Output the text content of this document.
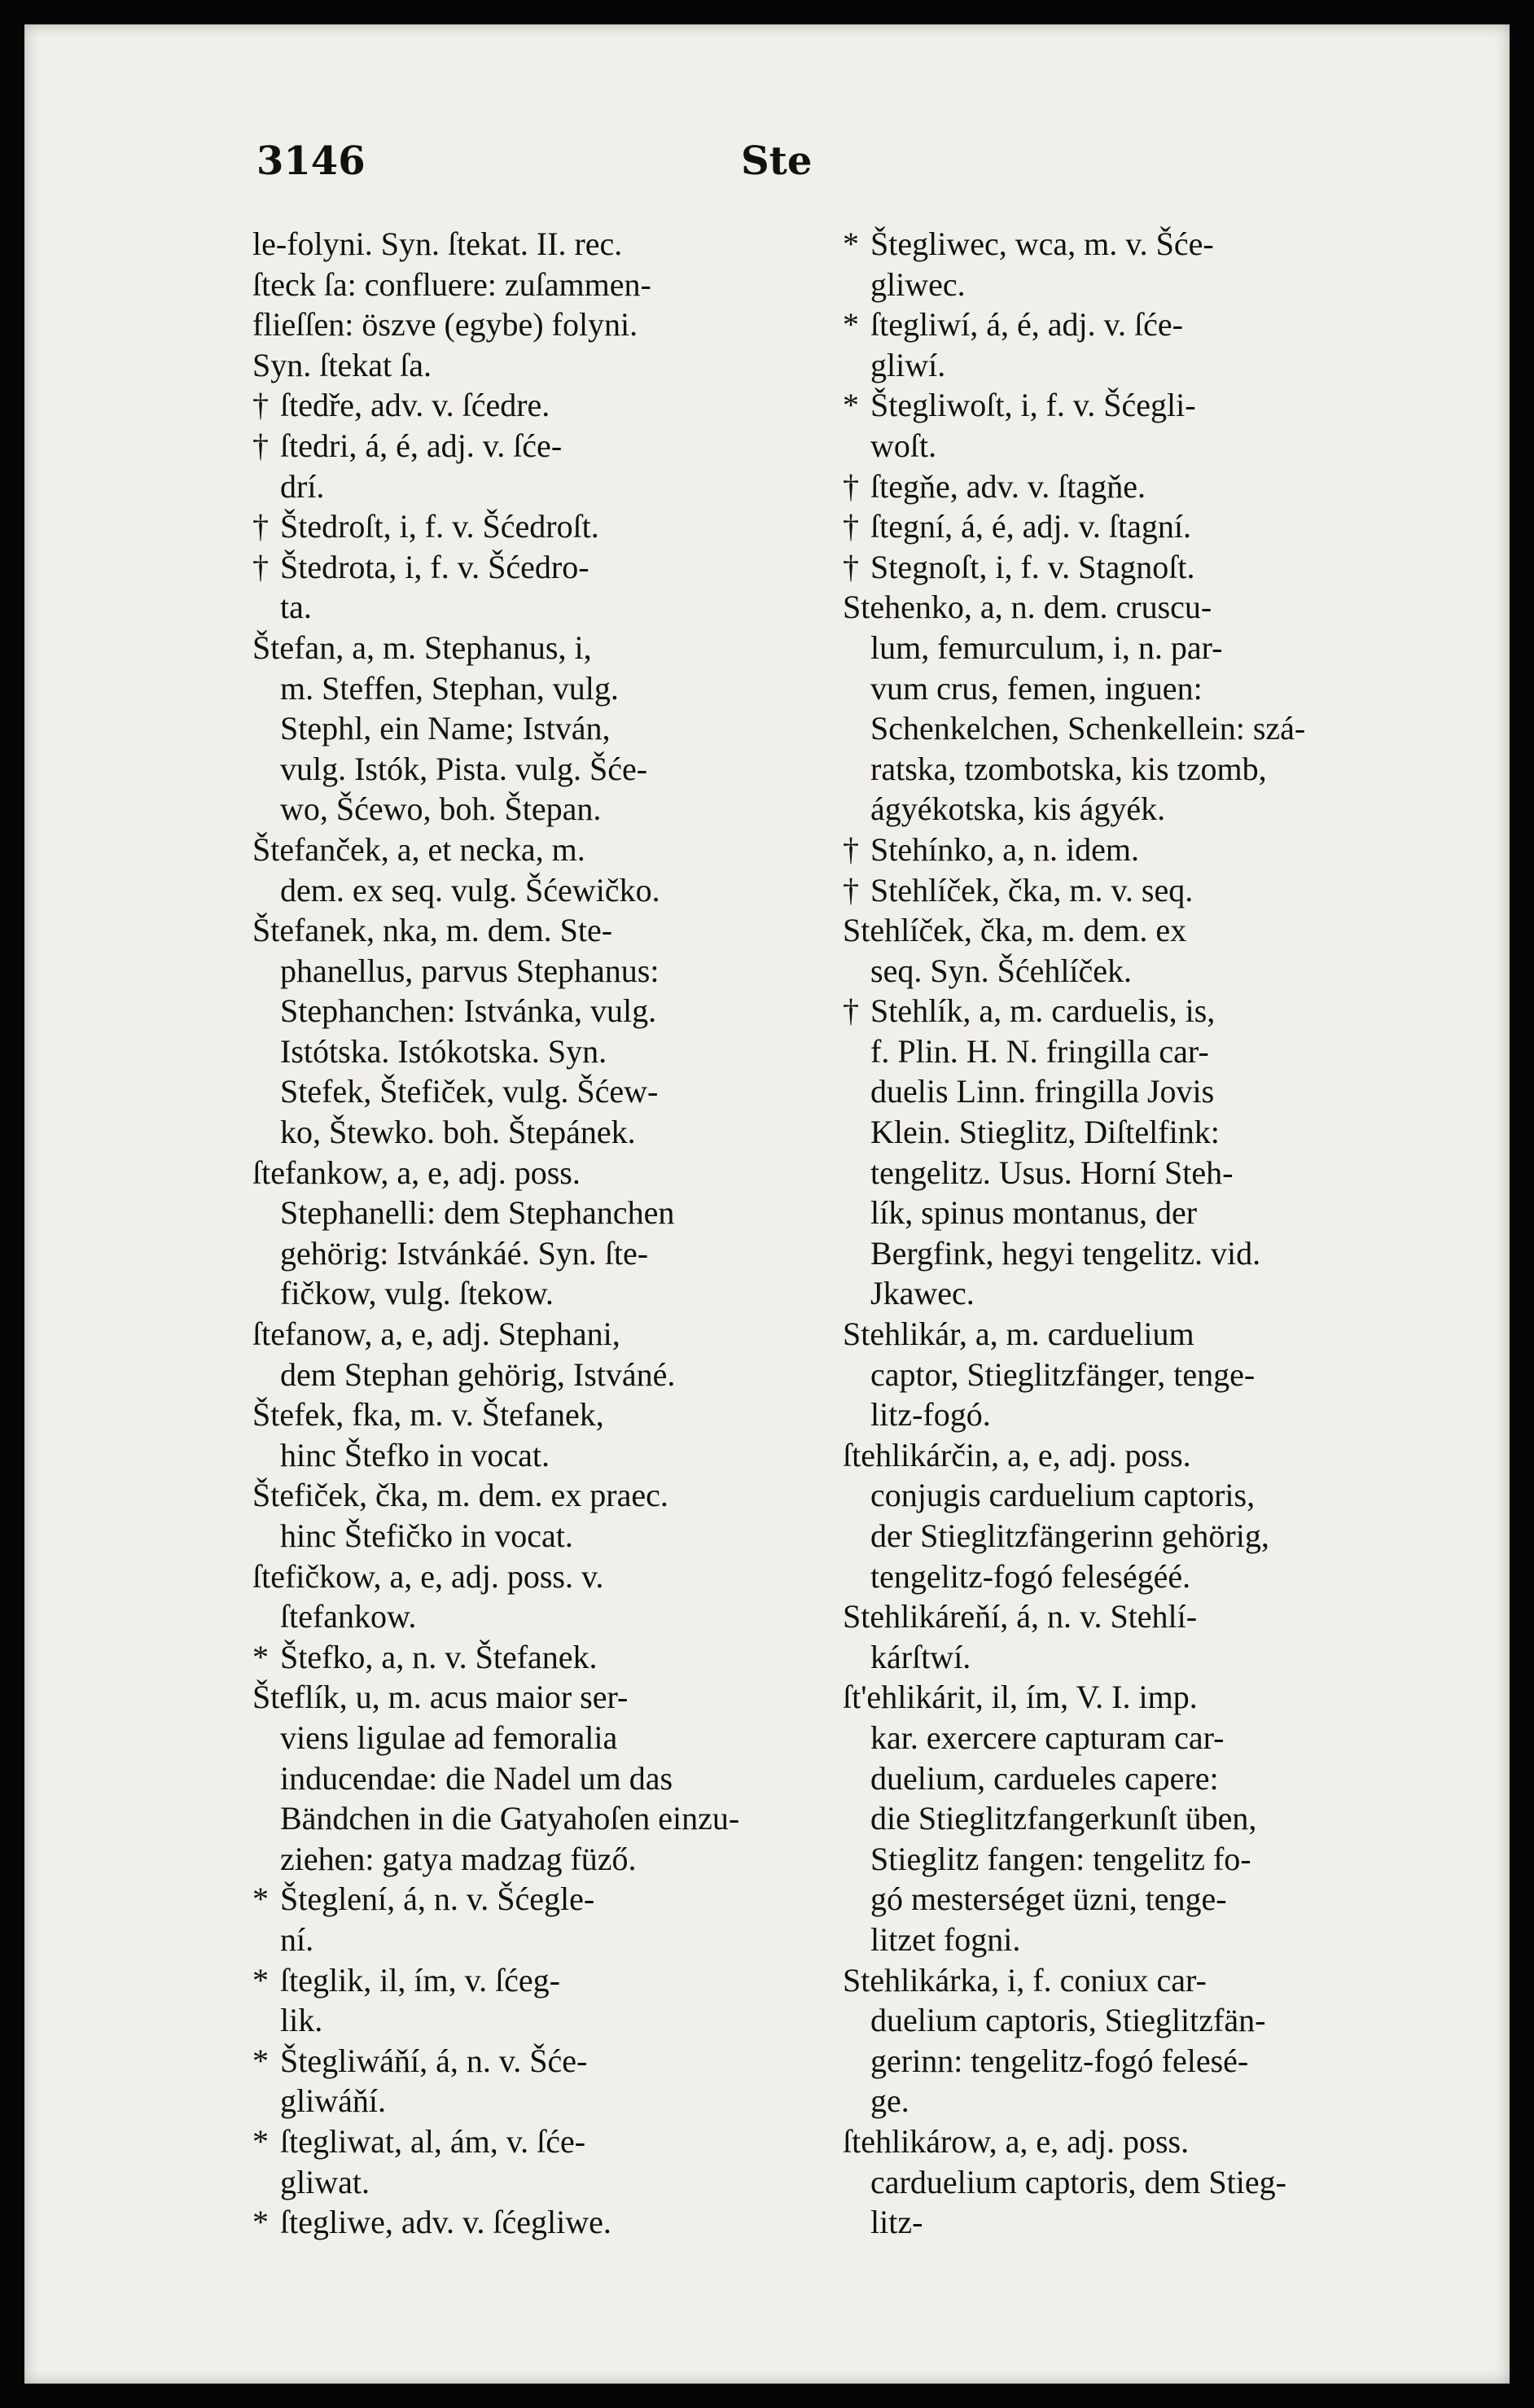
3146	Ste
le-folyni. Syn. ſtekat. II. rec.
ſteck ſa: confluere: zuſammen-
flieſſen: öszve (egybe) folyni.
Syn. ſtekat ſa.
† ſtedře, adv. v. ſćedre.
† ſtedri, á, é, adj. v. ſće-
drí.
† Štedroſt, i, f. v. Šćedroſt.
† Štedrota, i, f. v. Šćedro-
ta.
Štefan, a, m. Stephanus, i,
m. Steffen, Stephan, vulg.
Stephl, ein Name; István,
vulg. Istók, Pista. vulg. Šće-
wo, Šćewo, boh. Štepan.
Štefanček, a, et necka, m.
dem. ex seq. vulg. Šćewičko.
Štefanek, nka, m. dem. Ste-
phanellus, parvus Stephanus:
Stephanchen: Istvánka, vulg.
Istótska. Istókotska. Syn.
Stefek, Štefiček, vulg. Šćew-
ko, Štewko. boh. Štepánek.
ſtefankow, a, e, adj. poss.
Stephanelli: dem Stephanchen
gehörig: Istvánkáé. Syn. ſte-
fičkow, vulg. ſtekow.
ſtefanow, a, e, adj. Stephani,
dem Stephan gehörig, Istváné.
Štefek, fka, m. v. Štefanek,
hinc Štefko in vocat.
Štefiček, čka, m. dem. ex praec.
hinc Štefičko in vocat.
ſtefičkow, a, e, adj. poss. v.
ſtefankow.
* Štefko, a, n. v. Štefanek.
Šteflík, u, m. acus maior ser-
viens ligulae ad femoralia
inducendae: die Nadel um das
Bändchen in die Gatyahoſen einzu-
ziehen: gatya madzag füző.
* Šteglení, á, n. v. Šćegle-
ní.
* ſteglik, il, ím, v. ſćeg-
lik.
* Štegliwáňí, á, n. v. Šće-
gliwáňí.
* ſtegliwat, al, ám, v. ſće-
gliwat.
* ſtegliwe, adv. v. ſćegliwe.
* Štegliwec, wca, m. v. Šće-
gliwec.
* ſtegliwí, á, é, adj. v. ſće-
gliwí.
* Štegliwoſt, i, f. v. Šćegli-
woſt.
† ſtegňe, adv. v. ſtagňe.
† ſtegní, á, é, adj. v. ſtagní.
† Stegnoſt, i, f. v. Stagnoſt.
Stehenko, a, n. dem. cruscu-
lum, femurculum, i, n. par-
vum crus, femen, inguen:
Schenkelchen, Schenkellein: szá-
ratska, tzombotska, kis tzomb,
ágyékotska, kis ágyék.
† Stehínko, a, n. idem.
† Stehlíček, čka, m. v. seq.
Stehlíček, čka, m. dem. ex
seq. Syn. Šćehlíček.
† Stehlík, a, m. carduelis, is,
f. Plin. H. N. fringilla car-
duelis Linn. fringilla Jovis
Klein. Stieglitz, Diſtelfink:
tengelitz. Usus. Horní Steh-
lík, spinus montanus, der
Bergfink, hegyi tengelitz. vid.
Jkawec.
Stehlikár, a, m. carduelium
captor, Stieglitzfänger, tenge-
litz-fogó.
ſtehlikárčin, a, e, adj. poss.
conjugis carduelium captoris,
der Stieglitzfängerinn gehörig,
tengelitz-fogó feleségéé.
Stehlikáreňí, á, n. v. Stehlí-
kárſtwí.
ſt'ehlikárit, il, ím, V. I. imp.
kar. exercere capturam car-
duelium, cardueles capere:
die Stieglitzfangerkunſt üben,
Stieglitz fangen: tengelitz fo-
gó mesterséget üzni, tenge-
litzet fogni.
Stehlikárka, i, f. coniux car-
duelium captoris, Stieglitzfän-
gerinn: tengelitz-fogó felesé-
ge.
ſtehlikárow, a, e, adj. poss.
carduelium captoris, dem Stieg-
litz-
